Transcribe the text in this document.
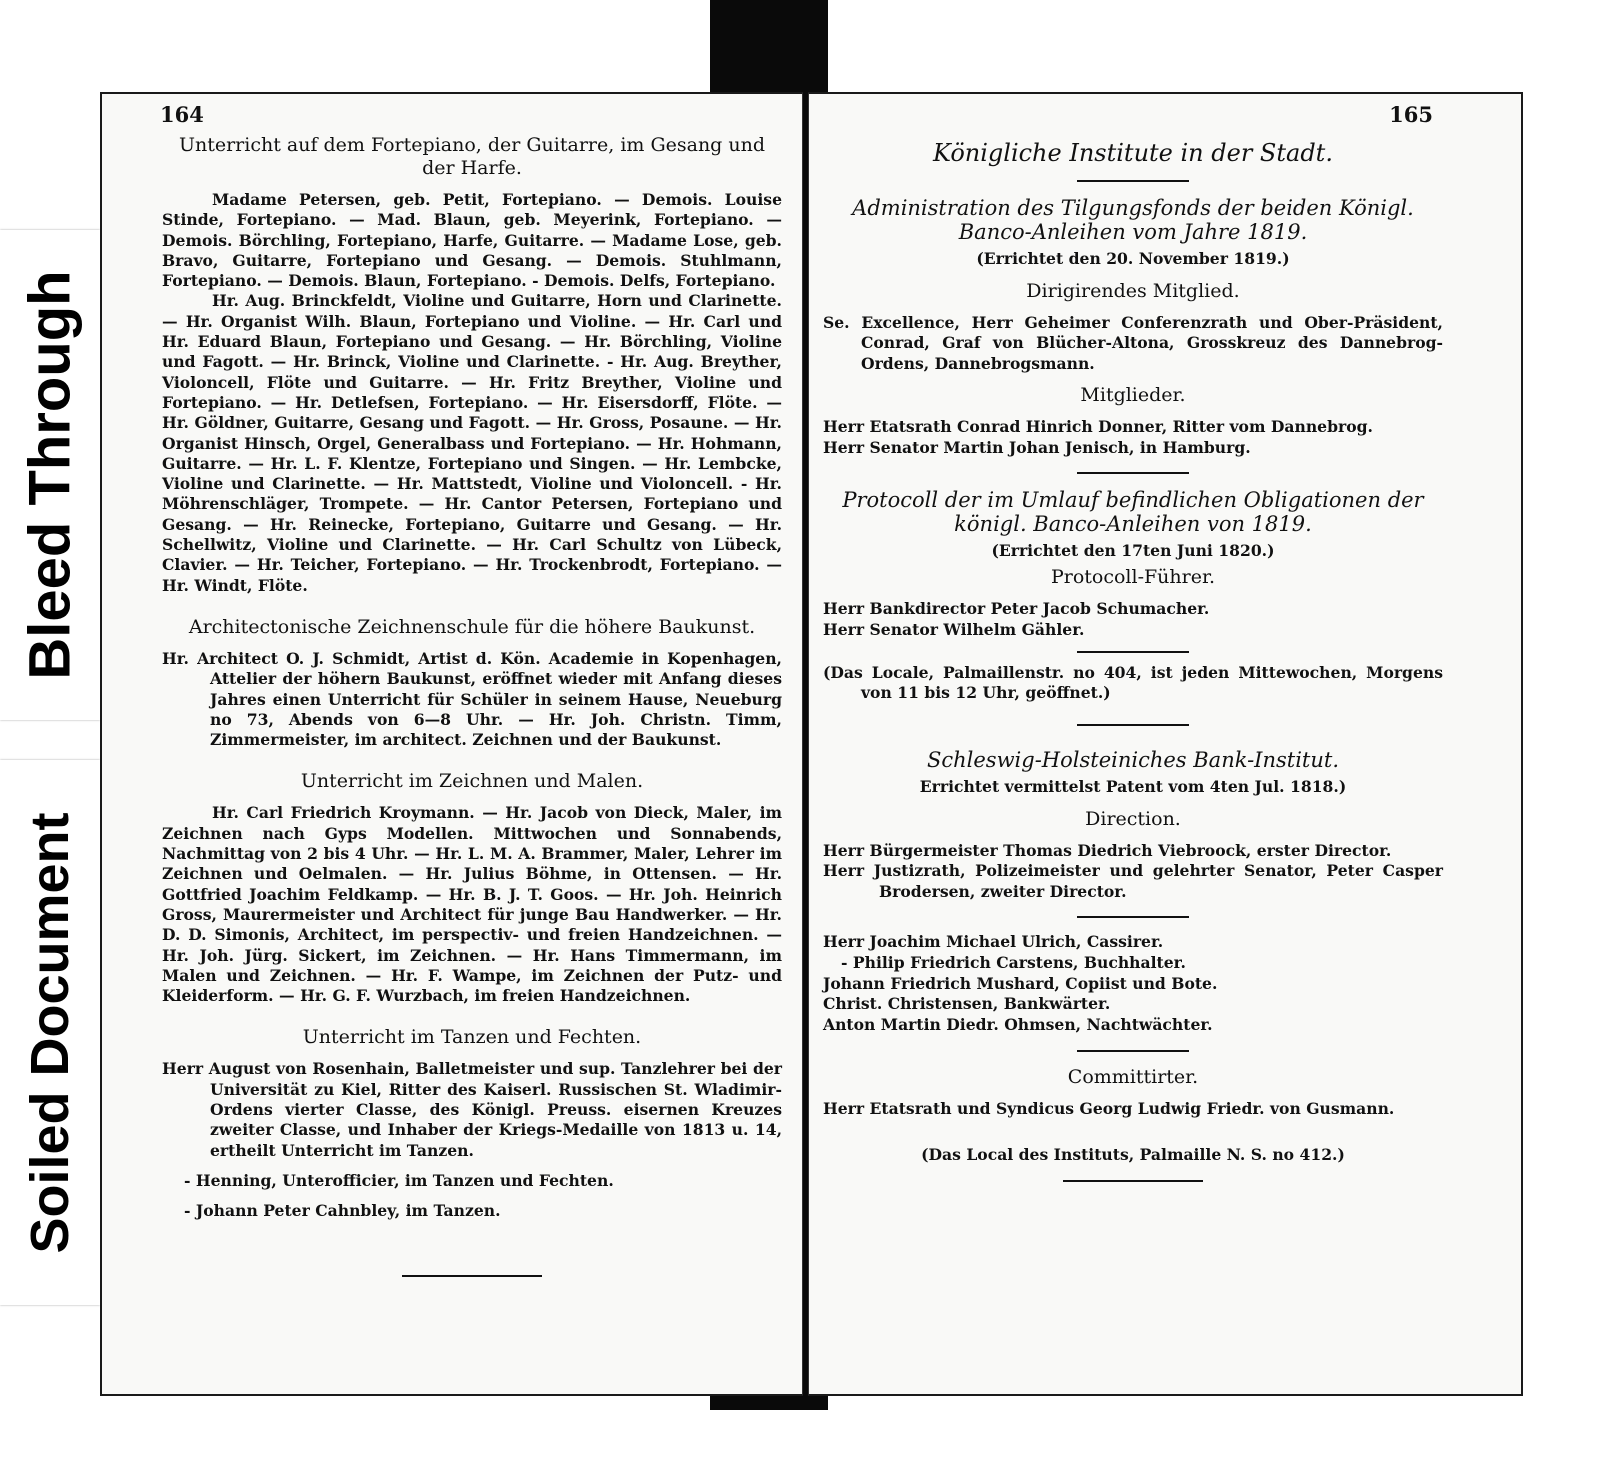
Bleed Through
Soiled Document
164

Unterricht auf dem Fortepiano, der Guitarre, im Gesang und der Harfe.

Madame Petersen, geb. Petit, Fortepiano. — Demois. Louise Stinde, Fortepiano. — Mad. Blaun, geb. Meyerink, Fortepiano. — Demois. Börchling, Fortepiano, Harfe, Guitarre. — Madame Lose, geb. Bravo, Guitarre, Fortepiano und Gesang. — Demois. Stuhlmann, Fortepiano. — Demois. Blaun, Fortepiano. - Demois. Delfs, Fortepiano.

Hr. Aug. Brinckfeldt, Violine und Guitarre, Horn und Clarinette. — Hr. Organist Wilh. Blaun, Fortepiano und Violine. — Hr. Carl und Hr. Eduard Blaun, Fortepiano und Gesang. — Hr. Börchling, Violine und Fagott. — Hr. Brinck, Violine und Clarinette. - Hr. Aug. Breyther, Violoncell, Flöte und Guitarre. — Hr. Fritz Breyther, Violine und Fortepiano. — Hr. Detlefsen, Fortepiano. — Hr. Eisersdorff, Flöte. — Hr. Göldner, Guitarre, Gesang und Fagott. — Hr. Gross, Posaune. — Hr. Organist Hinsch, Orgel, Generalbass und Fortepiano. — Hr. Hohmann, Guitarre. — Hr. L. F. Klentze, Fortepiano und Singen. — Hr. Lembcke, Violine und Clarinette. — Hr. Mattstedt, Violine und Violoncell. - Hr. Möhrenschläger, Trompete. — Hr. Cantor Petersen, Fortepiano und Gesang. — Hr. Reinecke, Fortepiano, Guitarre und Gesang. — Hr. Schellwitz, Violine und Clarinette. — Hr. Carl Schultz von Lübeck, Clavier. — Hr. Teicher, Fortepiano. — Hr. Trockenbrodt, Fortepiano. — Hr. Windt, Flöte.

Architectonische Zeichnenschule für die höhere Baukunst.

Hr. Architect O. J. Schmidt, Artist d. Kön. Academie in Kopenhagen, Attelier der höhern Baukunst, eröffnet wieder mit Anfang dieses Jahres einen Unterricht für Schüler in seinem Hause, Neueburg no 73, Abends von 6—8 Uhr. — Hr. Joh. Christn. Timm, Zimmermeister, im architect. Zeichnen und der Baukunst.

Unterricht im Zeichnen und Malen.

Hr. Carl Friedrich Kroymann. — Hr. Jacob von Dieck, Maler, im Zeichnen nach Gyps Modellen. Mittwochen und Sonnabends, Nachmittag von 2 bis 4 Uhr. — Hr. L. M. A. Brammer, Maler, Lehrer im Zeichnen und Oelmalen. — Hr. Julius Böhme, in Ottensen. — Hr. Gottfried Joachim Feldkamp. — Hr. B. J. T. Goos. — Hr. Joh. Heinrich Gross, Maurermeister und Architect für junge Bau Handwerker. — Hr. D. D. Simonis, Architect, im perspectiv- und freien Handzeichnen. — Hr. Joh. Jürg. Sickert, im Zeichnen. — Hr. Hans Timmermann, im Malen und Zeichnen. — Hr. F. Wampe, im Zeichnen der Putz- und Kleiderform. — Hr. G. F. Wurzbach, im freien Handzeichnen.

Unterricht im Tanzen und Fechten.

Herr August von Rosenhain, Balletmeister und sup. Tanzlehrer bei der Universität zu Kiel, Ritter des Kaiserl. Russischen St. Wladimir-Ordens vierter Classe, des Königl. Preuss. eisernen Kreuzes zweiter Classe, und Inhaber der Kriegs-Medaille von 1813 u. 14, ertheilt Unterricht im Tanzen.

- Henning, Unterofficier, im Tanzen und Fechten.

- Johann Peter Cahnbley, im Tanzen.

165

Königliche Institute in der Stadt.

Administration des Tilgungsfonds der beiden Königl. Banco-Anleihen vom Jahre 1819.

(Errichtet den 20. November 1819.)

Dirigirendes Mitglied.

Se. Excellence, Herr Geheimer Conferenzrath und Ober-Präsident, Conrad, Graf von Blücher-Altona, Grosskreuz des Dannebrog-Ordens, Dannebrogsmann.

Mitglieder.

Herr Etatsrath Conrad Hinrich Donner, Ritter vom Dannebrog.

Herr Senator Martin Johan Jenisch, in Hamburg.

Protocoll der im Umlauf befindlichen Obligationen der königl. Banco-Anleihen von 1819.

(Errichtet den 17ten Juni 1820.)

Protocoll-Führer.

Herr Bankdirector Peter Jacob Schumacher.

Herr Senator Wilhelm Gähler.

(Das Locale, Palmaillenstr. no 404, ist jeden Mittewochen, Morgens von 11 bis 12 Uhr, geöffnet.)

Schleswig-Holsteiniches Bank-Institut.

Errichtet vermittelst Patent vom 4ten Jul. 1818.)

Direction.

Herr Bürgermeister Thomas Diedrich Viebroock, erster Director.

Herr Justizrath, Polizeimeister und gelehrter Senator, Peter Casper Brodersen, zweiter Director.

Herr Joachim Michael Ulrich, Cassirer.

- Philip Friedrich Carstens, Buchhalter.

Johann Friedrich Mushard, Copiist und Bote.

Christ. Christensen, Bankwärter.

Anton Martin Diedr. Ohmsen, Nachtwächter.

Committirter.

Herr Etatsrath und Syndicus Georg Ludwig Friedr. von Gusmann.

(Das Local des Instituts, Palmaille N. S. no 412.)
